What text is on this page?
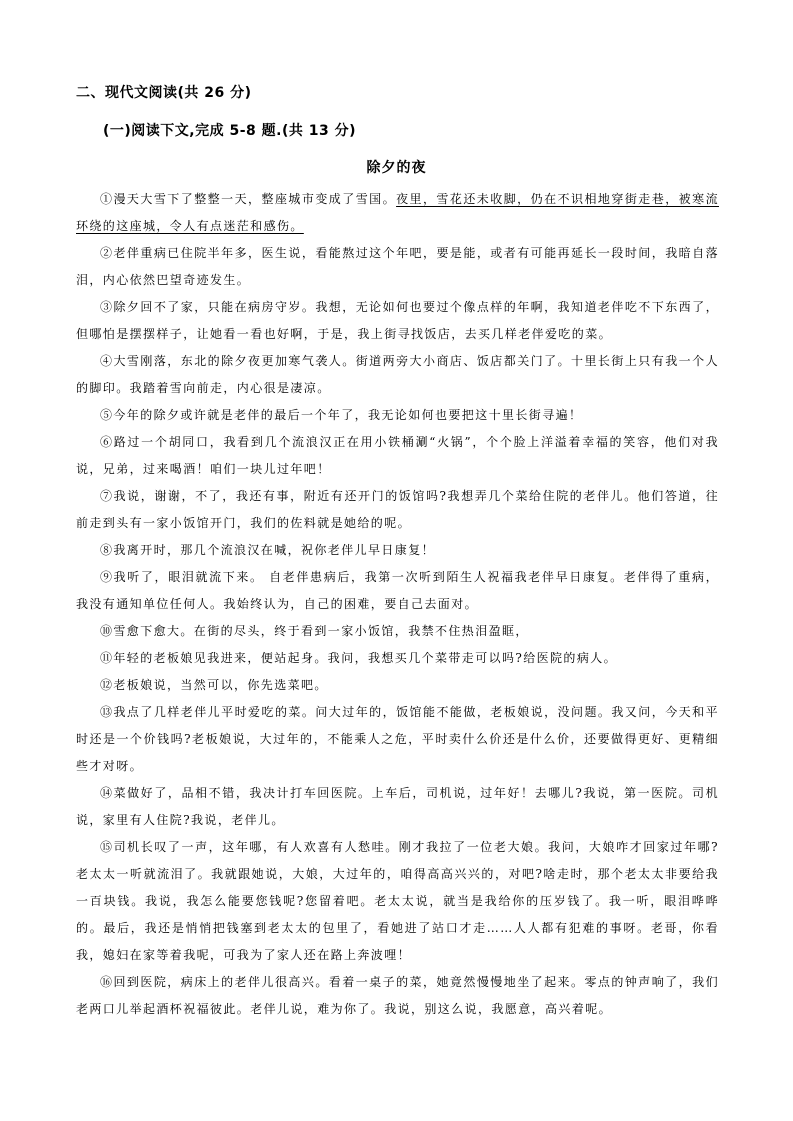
二、现代文阅读(共 26 分)
(一)阅读下文,完成 5-8 题.(共 13 分)
除夕的夜

①漫天大雪下了整整一天，整座城市变成了雪国。夜里，雪花还未收脚，仍在不识相地穿街走巷，被寒流环绕的这座城，令人有点迷茫和感伤。

②老伴重病已住院半年多，医生说，看能熬过这个年吧，要是能，或者有可能再延长一段时间，我暗自落泪，内心依然巴望奇迹发生。

③除夕回不了家，只能在病房守岁。我想，无论如何也要过个像点样的年啊，我知道老伴吃不下东西了，但哪怕是摆摆样子，让她看一看也好啊，于是，我上街寻找饭店，去买几样老伴爱吃的菜。

④大雪刚落，东北的除夕夜更加寒气袭人。街道两旁大小商店、饭店都关门了。十里长街上只有我一个人的脚印。我踏着雪向前走，内心很是凄凉。

⑤今年的除夕或许就是老伴的最后一个年了，我无论如何也要把这十里长街寻遍！

⑥路过一个胡同口，我看到几个流浪汉正在用小铁桶涮“火锅”，个个脸上洋溢着幸福的笑容，他们对我说，兄弟，过来喝酒！咱们一块儿过年吧！

⑦我说，谢谢，不了，我还有事，附近有还开门的饭馆吗?我想弄几个菜给住院的老伴儿。他们答道，往前走到头有一家小饭馆开门，我们的佐料就是她给的呢。

⑧我离开时，那几个流浪汉在喊，祝你老伴儿早日康复！

⑨我听了，眼泪就流下来。 自老伴患病后，我第一次听到陌生人祝福我老伴早日康复。老伴得了重病，我没有通知单位任何人。我始终认为，自己的困难，要自己去面对。

⑩雪愈下愈大。在街的尽头，终于看到一家小饭馆，我禁不住热泪盈眶，

⑪年轻的老板娘见我进来，便站起身。我问，我想买几个菜带走可以吗?给医院的病人。

⑫老板娘说，当然可以，你先选菜吧。

⑬我点了几样老伴儿平时爱吃的菜。问大过年的，饭馆能不能做，老板娘说，没问题。我又问，今天和平时还是一个价钱吗?老板娘说，大过年的，不能乘人之危，平时卖什么价还是什么价，还要做得更好、更精细些才对呀。

⑭菜做好了，品相不错，我决计打车回医院。上车后，司机说，过年好！去哪儿?我说，第一医院。司机说，家里有人住院?我说，老伴儿。

⑮司机长叹了一声，这年哪，有人欢喜有人愁哇。刚才我拉了一位老大娘。我问，大娘咋才回家过年哪?老太太一听就流泪了。我就跟她说，大娘，大过年的，咱得高高兴兴的，对吧?啥走时，那个老太太非要给我一百块钱。我说，我怎么能要您钱呢?您留着吧。老太太说，就当是我给你的压岁钱了。我一听，眼泪哗哗的。最后，我还是悄悄把钱塞到老太太的包里了，看她进了站口才走……人人都有犯难的事呀。老哥，你看我，媳妇在家等着我呢，可我为了家人还在路上奔波哩！

⑯回到医院，病床上的老伴儿很高兴。看着一桌子的菜，她竟然慢慢地坐了起来。零点的钟声响了，我们老两口儿举起酒杯祝福彼此。老伴儿说，难为你了。我说，别这么说，我愿意，高兴着呢。
